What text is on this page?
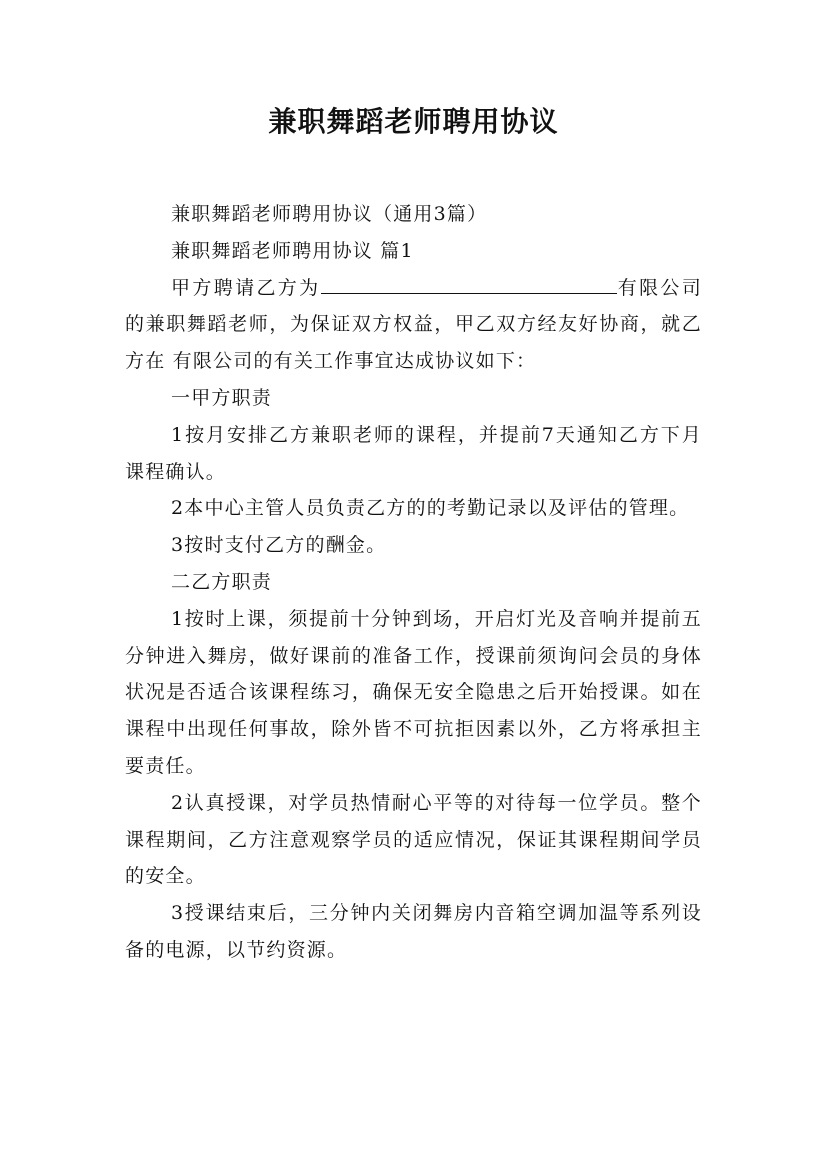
兼职舞蹈老师聘用协议

兼职舞蹈老师聘用协议（通用3篇）

兼职舞蹈老师聘用协议 篇1

甲方聘请乙方为	有限公司的兼职舞蹈老师，为保证双方权益，甲乙双方经友好协商，就乙方在 有限公司的有关工作事宜达成协议如下：

一甲方职责

1按月安排乙方兼职老师的课程，并提前7天通知乙方下月课程确认。

2本中心主管人员负责乙方的的考勤记录以及评估的管理。

3按时支付乙方的酬金。

二乙方职责

1按时上课，须提前十分钟到场，开启灯光及音响并提前五分钟进入舞房，做好课前的准备工作，授课前须询问会员的身体状况是否适合该课程练习，确保无安全隐患之后开始授课。如在课程中出现任何事故，除外皆不可抗拒因素以外，乙方将承担主要责任。

2认真授课，对学员热情耐心平等的对待每一位学员。整个课程期间，乙方注意观察学员的适应情况，保证其课程期间学员的安全。

3授课结束后，三分钟内关闭舞房内音箱空调加温等系列设备的电源，以节约资源。
